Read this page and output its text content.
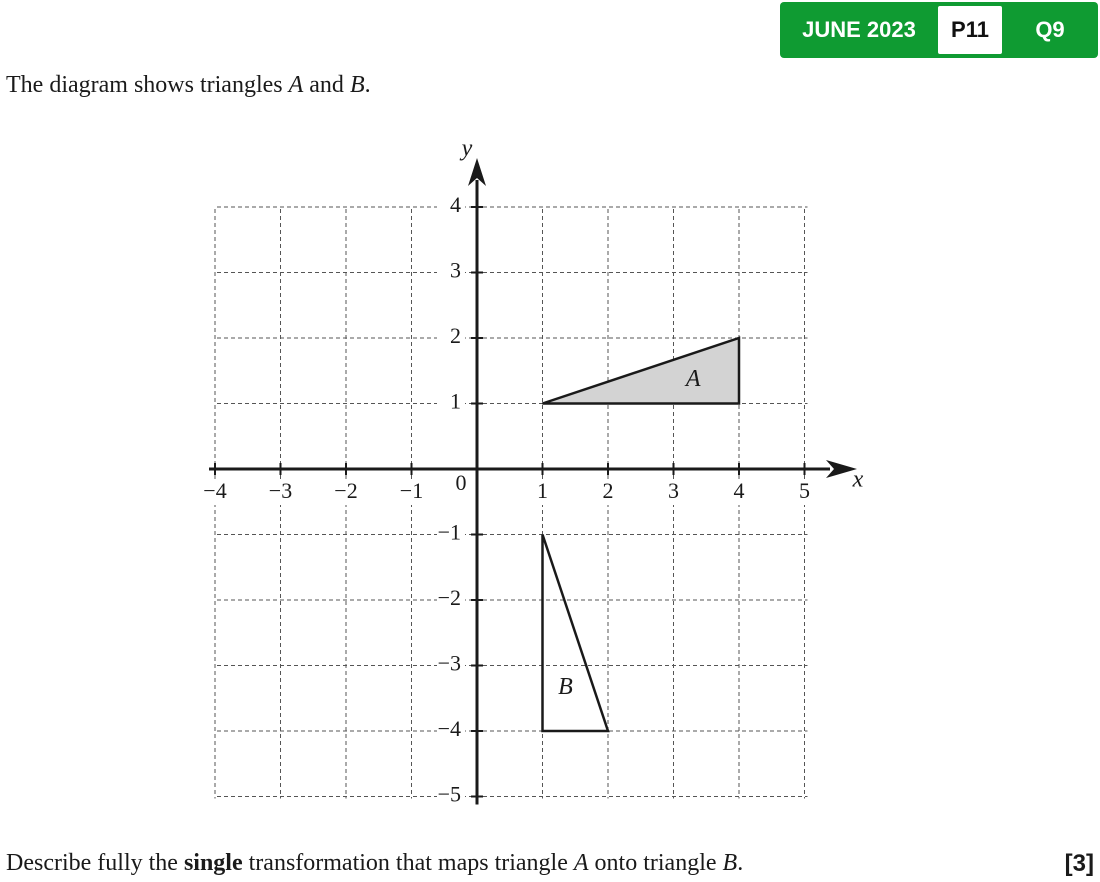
JUNE 2023	P11	Q9
The diagram shows triangles A and B.
A
B
−4 −3 −2 −1	1 2 3 4 5
4
3
2
1
−1
−2
−3
−4
−5
0	x
y
Describe fully the single transformation that maps triangle A onto triangle B.	[3]
